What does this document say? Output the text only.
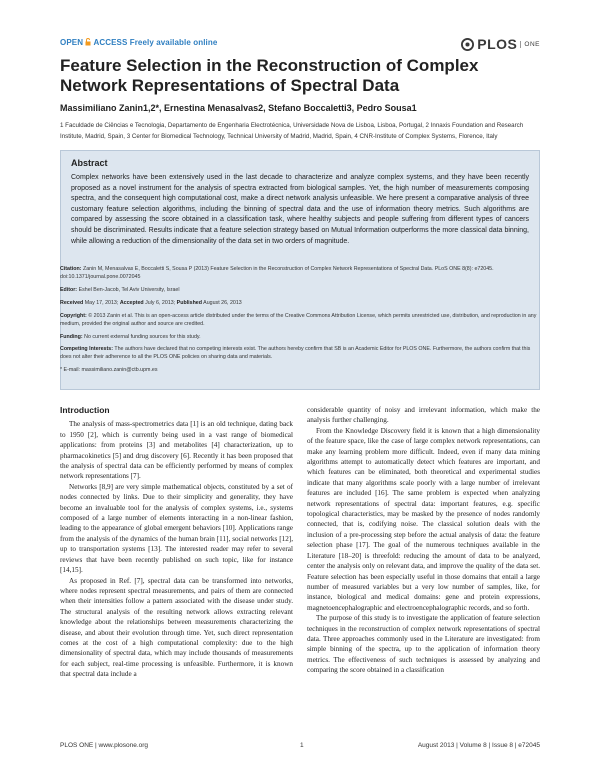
OPEN ACCESS Freely available online	PLOS	ONE
Feature Selection in the Reconstruction of Complex Network Representations of Spectral Data
Massimiliano Zanin1,2*, Ernestina Menasalvas2, Stefano Boccaletti3, Pedro Sousa1
1 Faculdade de Ciências e Tecnologia, Departamento de Engenharia Electrotécnica, Universidade Nova de Lisboa, Lisboa, Portugal, 2 Innaxis Foundation and Research Institute, Madrid, Spain, 3 Center for Biomedical Technology, Technical University of Madrid, Madrid, Spain, 4 CNR-Institute of Complex Systems, Florence, Italy
Abstract
Complex networks have been extensively used in the last decade to characterize and analyze complex systems, and they have been recently proposed as a novel instrument for the analysis of spectra extracted from biological samples. Yet, the high number of measurements composing spectra, and the consequent high computational cost, make a direct network analysis unfeasible. We here present a comparative analysis of three customary feature selection algorithms, including the binning of spectral data and the use of information theory metrics. Such algorithms are compared by assessing the score obtained in a classification task, where healthy subjects and people suffering from different types of cancers should be discriminated. Results indicate that a feature selection strategy based on Mutual Information outperforms the more classical data binning, while allowing a reduction of the dimensionality of the data set in two orders of magnitude.
Citation: Zanin M, Menasalvas E, Boccaletti S, Sousa P (2013) Feature Selection in the Reconstruction of Complex Network Representations of Spectral Data. PLoS ONE 8(8): e72045. doi:10.1371/journal.pone.0072045
Editor: Eshel Ben-Jacob, Tel Aviv University, Israel
Received May 17, 2013; Accepted July 6, 2013; Published August 26, 2013
Copyright: © 2013 Zanin et al. This is an open-access article distributed under the terms of the Creative Commons Attribution License, which permits unrestricted use, distribution, and reproduction in any medium, provided the original author and source are credited.
Funding: No current external funding sources for this study.
Competing Interests: The authors have declared that no competing interests exist. The authors hereby confirm that SB is an Academic Editor for PLOS ONE. Furthermore, the authors confirm that this does not alter their adherence to all the PLOS ONE policies on sharing data and materials.
* E-mail: massimiliano.zanin@ctb.upm.es
Introduction

The analysis of mass-spectrometrics data [1] is an old technique, dating back to 1950 [2], which is currently being used in a vast range of biomedical applications: from proteins [3] and metabolites [4] characterization, up to pharmacokinetics [5] and drug discovery [6]. Recently it has been proposed that the analysis of spectral data can be efficiently performed by means of complex network representations [7].

Networks [8,9] are very simple mathematical objects, constituted by a set of nodes connected by links. Due to their simplicity and generality, they have become an invaluable tool for the analysis of complex systems, i.e., systems composed of a large number of elements interacting in a non-linear fashion, leading to the appearance of global emergent behaviors [10]. Applications range from the analysis of the dynamics of the human brain [11], social networks [12], up to transportation systems [13]. The interested reader may refer to several reviews that have been recently published on such topic, like for instance [14,15].

As proposed in Ref. [7], spectral data can be transformed into networks, where nodes represent spectral measurements, and pairs of them are connected when their intensities follow a pattern associated with the disease under study. The structural analysis of the resulting network allows extracting relevant knowledge about the relationships between measurements characterizing the disease, and about their evolution through time. Yet, such direct representation comes at the cost of a high computational complexity: due to the high dimensionality of spectral data, which may include thousands of measurements for each subject, real-time processing is unfeasible. Furthermore, it is known that spectral data include a

considerable quantity of noisy and irrelevant information, which make the analysis further challenging.

From the Knowledge Discovery field it is known that a high dimensionality of the feature space, like the case of large complex network representations, can make any learning problem more difficult. Indeed, even if many data mining algorithms attempt to automatically detect which features are important, and which features can be eliminated, both theoretical and experimental studies indicate that many algorithms scale poorly with a large number of irrelevant features are included [16]. The same problem is expected when analyzing network representations of spectral data: important features, e.g. specific topological characteristics, may be masked by the presence of nodes randomly connected, that is, codifying noise. The classical solution deals with the inclusion of a pre-processing step before the actual analysis of data: the feature selection phase [17]. The goal of the numerous techniques available in the Literature [18–20] is threefold: reducing the amount of data to be analyzed, center the analysis only on relevant data, and improve the quality of the data set. Feature selection has been especially useful in those domains that entail a large number of measured variables but a very low number of samples, like, for instance, biological and medical domains: gene and protein expressions, magnetoencephalographic and electroencephalographic records, and so forth.

The purpose of this study is to investigate the application of feature selection techniques in the reconstruction of complex network representations of spectral data. Three approaches commonly used in the Literature are investigated: from simple binning of the spectra, up to the application of information theory metrics. The effectiveness of such techniques is assessed by analyzing and comparing the score obtained in a classification

PLOS ONE | www.plosone.org	1	August 2013 | Volume 8 | Issue 8 | e72045
